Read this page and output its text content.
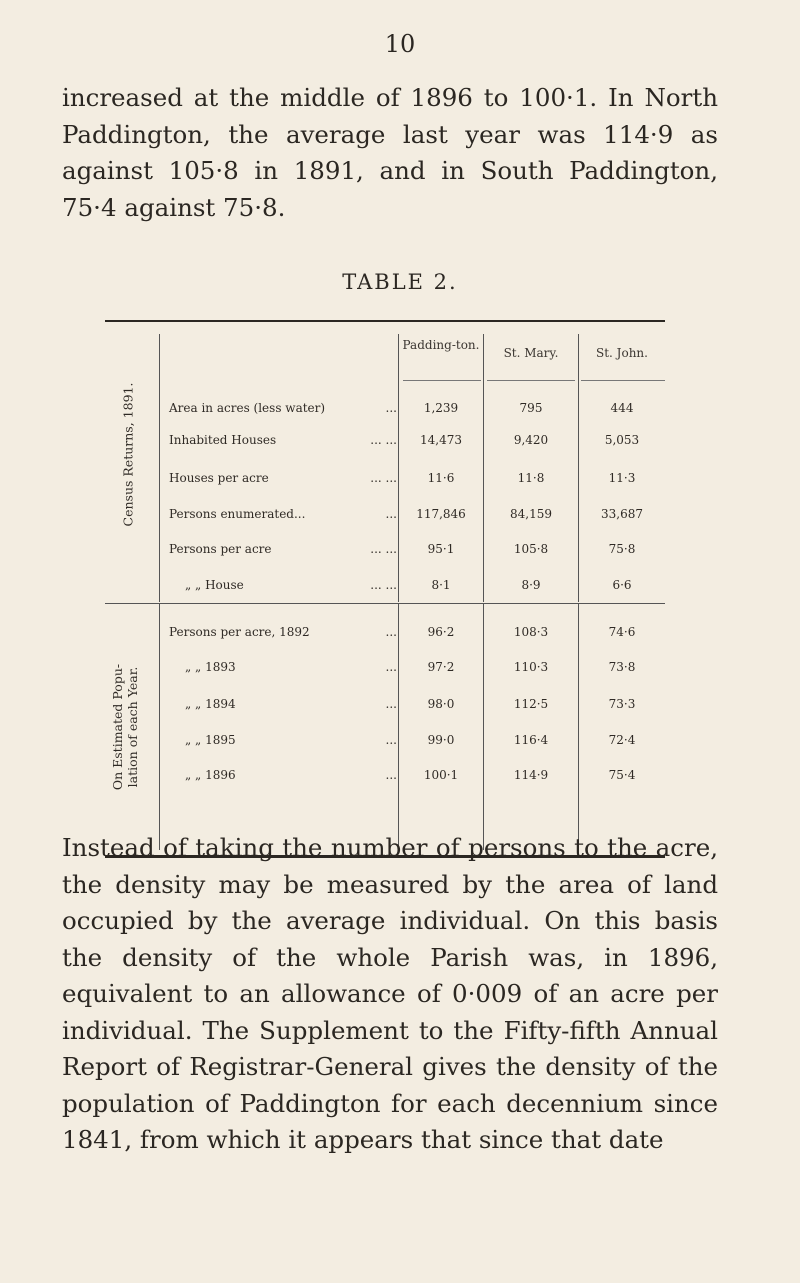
10

increased at the middle of 1896 to 100·1. In North Paddington, the average last year was 114·9 as against 105·8 in 1891, and in South Paddington, 75·4 against 75·8.

TABLE 2.
Padding-ton.
St. Mary.	St. John.
Census Returns, 1891.
On Estimated Popu-
lation of each Year.
Area in acres (less water)	...	1,239	795	444
Inhabited Houses	... ...	14,473	9,420	5,053
Houses per acre	... ...	11·6	11·8	11·3
Persons enumerated...	...	117,846	84,159	33,687
Persons per acre	... ...	95·1	105·8	75·8
„ „ House	... ...	8·1	8·9	6·6
Persons per acre, 1892	...	96·2	108·3	74·6
„ „ 1893	...	97·2	110·3	73·8
„ „ 1894	...	98·0	112·5	73·3
„ „ 1895	...	99·0	116·4	72·4
„ „ 1896	...	100·1	114·9	75·4

Instead of taking the number of persons to the acre, the density may be measured by the area of land occupied by the average individual. On this basis the density of the whole Parish was, in 1896, equivalent to an allowance of 0·009 of an acre per individual. The Supplement to the Fifty-fifth Annual Report of Registrar-General gives the density of the population of Paddington for each decennium since 1841, from which it appears that since that date
